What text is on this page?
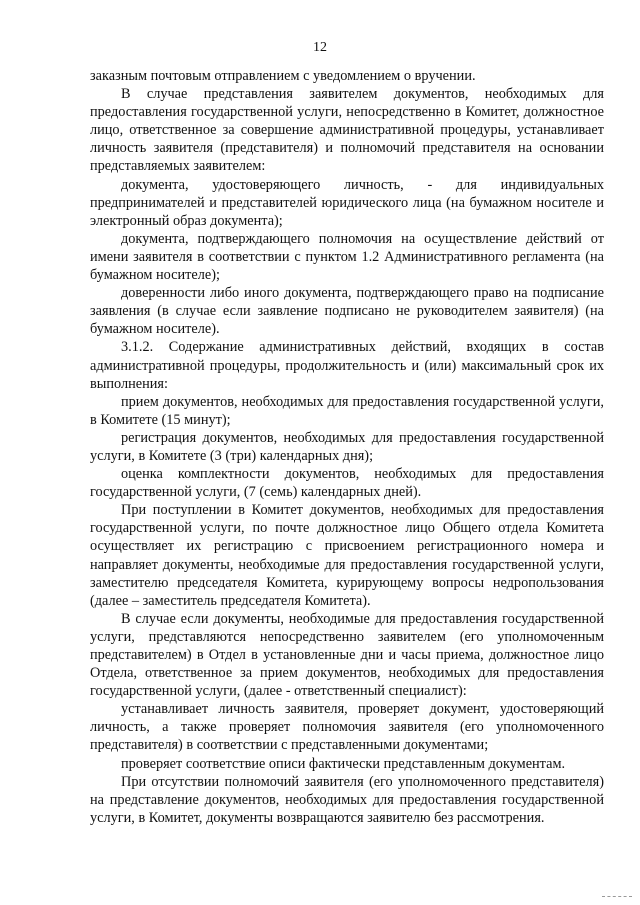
12

заказным почтовым отправлением с уведомлением о вручении.

В случае представления заявителем документов, необходимых для предоставления государственной услуги, непосредственно в Комитет, должностное лицо, ответственное за совершение административной процедуры, устанавливает личность заявителя (представителя) и полномочий представителя на основании представляемых заявителем:

документа, удостоверяющего личность, - для индивидуальных предпринимателей и представителей юридического лица (на бумажном носителе и электронный образ документа);

документа, подтверждающего полномочия на осуществление действий от имени заявителя в соответствии с пунктом 1.2 Административного регламента (на бумажном носителе);

доверенности либо иного документа, подтверждающего право на подписание заявления (в случае если заявление подписано не руководителем заявителя) (на бумажном носителе).

3.1.2. Содержание административных действий, входящих в состав административной процедуры, продолжительность и (или) максимальный срок их выполнения:

прием документов, необходимых для предоставления государственной услуги, в Комитете (15 минут);

регистрация документов, необходимых для предоставления государственной услуги, в Комитете (3 (три) календарных дня);

оценка комплектности документов, необходимых для предоставления государственной услуги, (7 (семь) календарных дней).

При поступлении в Комитет документов, необходимых для предоставления государственной услуги, по почте должностное лицо Общего отдела Комитета осуществляет их регистрацию с присвоением регистрационного номера и направляет документы, необходимые для предоставления государственной услуги, заместителю председателя Комитета, курирующему вопросы недропользования (далее – заместитель председателя Комитета).

В случае если документы, необходимые для предоставления государственной услуги, представляются непосредственно заявителем (его уполномоченным представителем) в Отдел в установленные дни и часы приема, должностное лицо Отдела, ответственное за прием документов, необходимых для предоставления государственной услуги, (далее - ответственный специалист):

устанавливает личность заявителя, проверяет документ, удостоверяющий личность, а также проверяет полномочия заявителя (его уполномоченного представителя) в соответствии с представленными документами;

проверяет соответствие описи фактически представленным документам.

При отсутствии полномочий заявителя (его уполномоченного представителя) на представление документов, необходимых для предоставления государственной услуги, в Комитет, документы возвращаются заявителю без рассмотрения.
